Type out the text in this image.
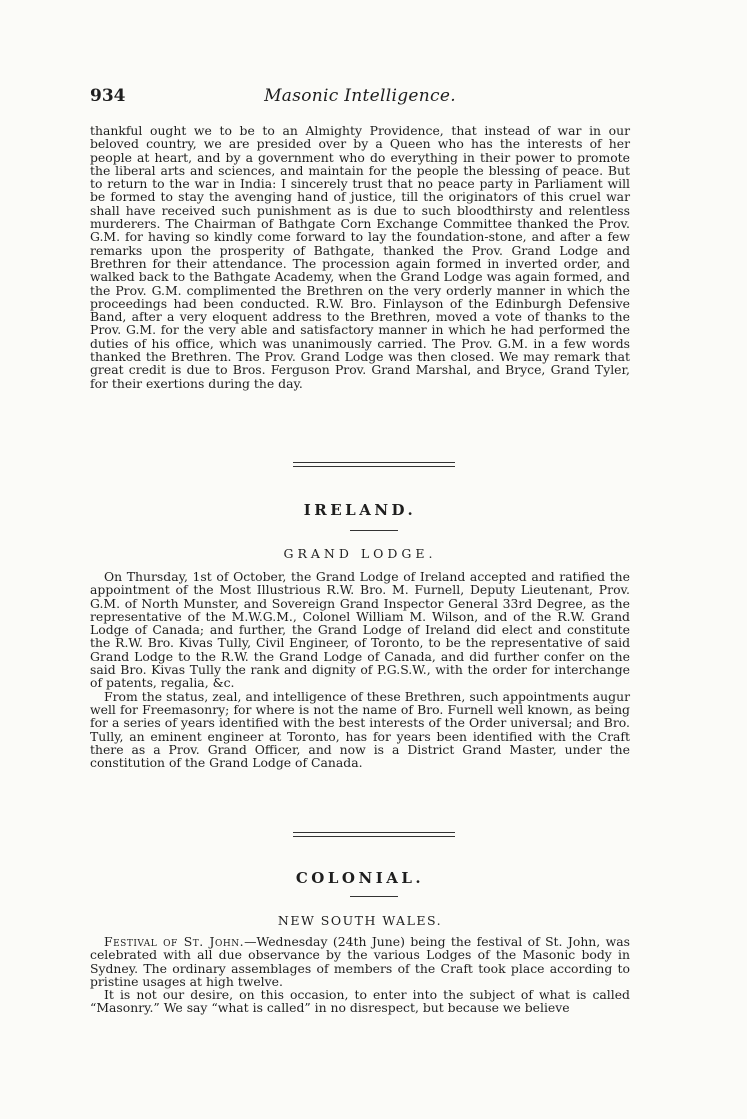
934	Masonic Intelligence.

thankful ought we to be to an Almighty Providence, that instead of war in our beloved country, we are presided over by a Queen who has the interests of her people at heart, and by a government who do everything in their power to promote the liberal arts and sciences, and maintain for the people the blessing of peace. But to return to the war in India: I sincerely trust that no peace party in Parliament will be formed to stay the avenging hand of justice, till the originators of this cruel war shall have received such punishment as is due to such bloodthirsty and relentless murderers. The Chairman of Bathgate Corn Exchange Committee thanked the Prov. G.M. for having so kindly come forward to lay the foundation-stone, and after a few remarks upon the prosperity of Bathgate, thanked the Prov. Grand Lodge and Brethren for their attendance. The procession again formed in inverted order, and walked back to the Bathgate Academy, when the Grand Lodge was again formed, and the Prov. G.M. complimented the Brethren on the very orderly manner in which the proceedings had been conducted. R.W. Bro. Finlayson of the Edinburgh Defensive Band, after a very eloquent address to the Brethren, moved a vote of thanks to the Prov. G.M. for the very able and satisfactory manner in which he had performed the duties of his office, which was unanimously carried. The Prov. G.M. in a few words thanked the Brethren. The Prov. Grand Lodge was then closed. We may remark that great credit is due to Bros. Ferguson Prov. Grand Marshal, and Bryce, Grand Tyler, for their exertions during the day.

IRELAND.
GRAND LODGE.

On Thursday, 1st of October, the Grand Lodge of Ireland accepted and ratified the appointment of the Most Illustrious R.W. Bro. M. Furnell, Deputy Lieutenant, Prov. G.M. of North Munster, and Sovereign Grand Inspector General 33rd Degree, as the representative of the M.W.G.M., Colonel William M. Wilson, and of the R.W. Grand Lodge of Canada; and further, the Grand Lodge of Ireland did elect and constitute the R.W. Bro. Kivas Tully, Civil Engineer, of Toronto, to be the representative of said Grand Lodge to the R.W. the Grand Lodge of Canada, and did further confer on the said Bro. Kivas Tully the rank and dignity of P.G.S.W., with the order for interchange of patents, regalia, &c.

From the status, zeal, and intelligence of these Brethren, such appointments augur well for Freemasonry; for where is not the name of Bro. Furnell well known, as being for a series of years identified with the best interests of the Order universal; and Bro. Tully, an eminent engineer at Toronto, has for years been identified with the Craft there as a Prov. Grand Officer, and now is a District Grand Master, under the constitution of the Grand Lodge of Canada.

COLONIAL.
NEW SOUTH WALES.

Festival of St. John.—Wednesday (24th June) being the festival of St. John, was celebrated with all due observance by the various Lodges of the Masonic body in Sydney. The ordinary assemblages of members of the Craft took place according to pristine usages at high twelve.

It is not our desire, on this occasion, to enter into the subject of what is called “Masonry.” We say “what is called” in no disrespect, but because we believe
